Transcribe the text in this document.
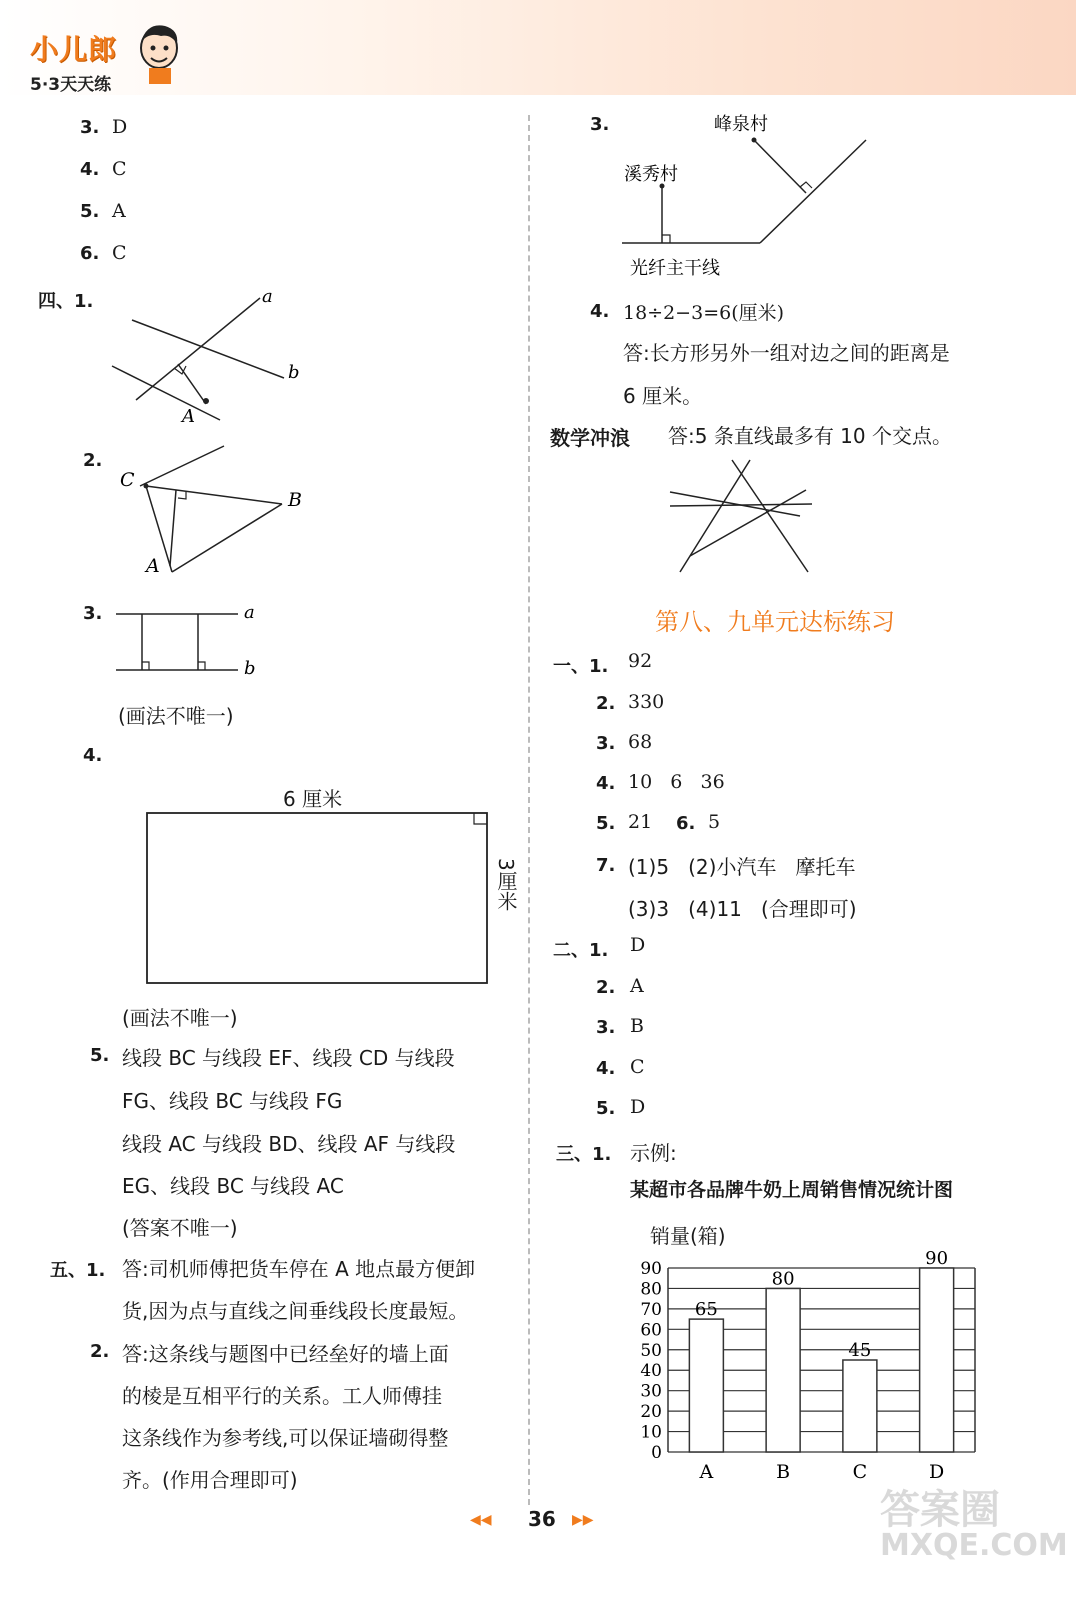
小儿郎
5·3天天练
3. D
4. C
5. A
6. C
四、1.	a
b
A
2.
C
B
A
3.	a
b
(画法不唯一)
4.
6 厘米
3厘米
(画法不唯一)
5. 线段 BC 与线段 EF、线段 CD 与线段
FG、线段 BC 与线段 FG
线段 AC 与线段 BD、线段 AF 与线段
EG、线段 BC 与线段 AC
(答案不唯一)
五、1. 答:司机师傅把货车停在 A 地点最方便卸
货,因为点与直线之间垂线段长度最短。
2. 答:这条线与题图中已经垒好的墙上面
的棱是互相平行的关系。工人师傅挂
这条线作为参考线,可以保证墙砌得整
齐。(作用合理即可)
3.	峰泉村
溪秀村
光纤主干线
4. 18÷2−3=6(厘米)
答:长方形另外一组对边之间的距离是
6 厘米。
数学冲浪 答:5 条直线最多有 10 个交点。
第八、九单元达标练习
一、1. 92
2. 330
3. 68
4. 10   6   36
5. 21 6. 5
7. (1)5   (2)小汽车   摩托车
(3)3   (4)11   (合理即可)
二、1. D
2. A
3. B
4. C
5. D
三、1. 示例:
某超市各品牌牛奶上周销售情况统计图
销量(箱)
0
10
20
30
40
50
60
70
80
90
65
A
80
B
45
C
90
D
◀◀ 36 ▶▶	答案圈
MXQE.COM
